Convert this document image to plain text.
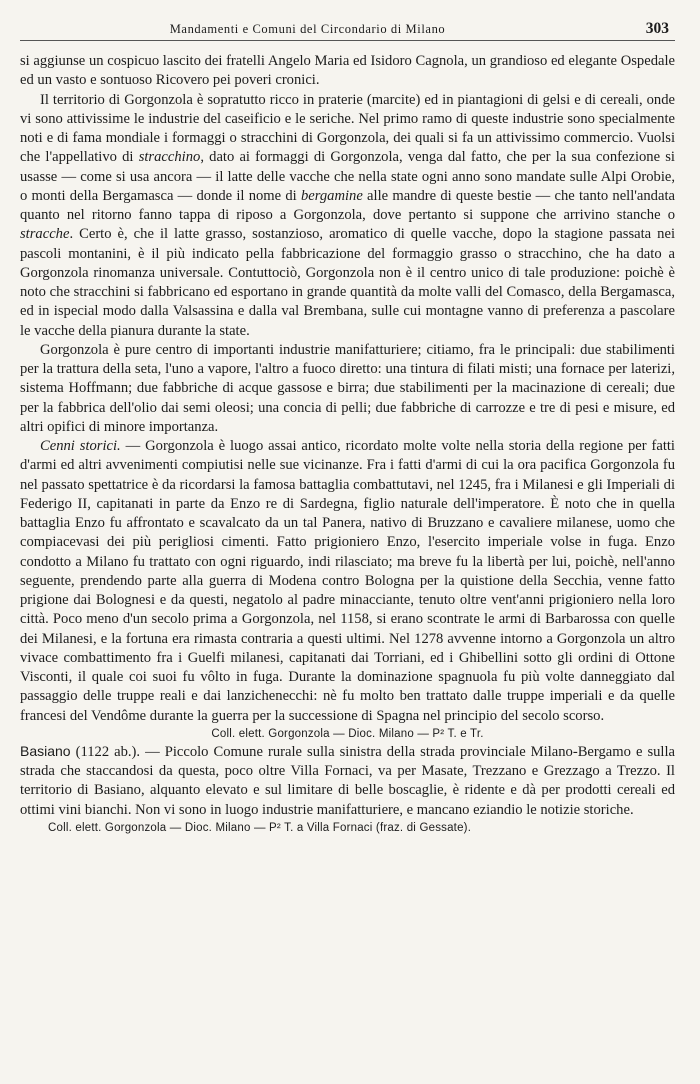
Mandamenti e Comuni del Circondario di Milano	303

si aggiunse un cospicuo lascito dei fratelli Angelo Maria ed Isidoro Cagnola, un grandioso ed elegante Ospedale ed un vasto e sontuoso Ricovero pei poveri cronici.

Il territorio di Gorgonzola è sopratutto ricco in praterie (marcite) ed in piantagioni di gelsi e di cereali, onde vi sono attivissime le industrie del caseificio e le seriche. Nel primo ramo di queste industrie sono specialmente noti e di fama mondiale i formaggi o stracchini di Gorgonzola, dei quali si fa un attivissimo commercio. Vuolsi che l'appellativo di stracchino, dato ai formaggi di Gorgonzola, venga dal fatto, che per la sua confezione si usasse — come si usa ancora — il latte delle vacche che nella state ogni anno sono mandate sulle Alpi Orobie, o monti della Bergamasca — donde il nome di bergamine alle mandre di queste bestie — che tanto nell'andata quanto nel ritorno fanno tappa di riposo a Gorgonzola, dove pertanto si suppone che arrivino stanche o stracche. Certo è, che il latte grasso, sostanzioso, aromatico di quelle vacche, dopo la stagione passata nei pascoli montanini, è il più indicato pella fabbricazione del formaggio grasso o stracchino, che ha dato a Gorgonzola rinomanza universale. Contuttociò, Gorgonzola non è il centro unico di tale produzione: poichè è noto che stracchini si fabbricano ed esportano in grande quantità da molte valli del Comasco, della Bergamasca, ed in ispecial modo dalla Valsassina e dalla val Brembana, sulle cui montagne vanno di preferenza a pascolare le vacche della pianura durante la state.

Gorgonzola è pure centro di importanti industrie manifatturiere; citiamo, fra le principali: due stabilimenti per la trattura della seta, l'uno a vapore, l'altro a fuoco diretto: una tintura di filati misti; una fornace per laterizi, sistema Hoffmann; due fabbriche di acque gassose e birra; due stabilimenti per la macinazione di cereali; due per la fabbrica dell'olio dai semi oleosi; una concia di pelli; due fabbriche di carrozze e tre di pesi e misure, ed altri opifici di minore importanza.

Cenni storici. — Gorgonzola è luogo assai antico, ricordato molte volte nella storia della regione per fatti d'armi ed altri avvenimenti compiutisi nelle sue vicinanze. Fra i fatti d'armi di cui la ora pacifica Gorgonzola fu nel passato spettatrice è da ricordarsi la famosa battaglia combattutavi, nel 1245, fra i Milanesi e gli Imperiali di Federigo II, capitanati in parte da Enzo re di Sardegna, figlio naturale dell'imperatore. È noto che in quella battaglia Enzo fu affrontato e scavalcato da un tal Panera, nativo di Bruzzano e cavaliere milanese, uomo che compiacevasi dei più perigliosi cimenti. Fatto prigioniero Enzo, l'esercito imperiale volse in fuga. Enzo condotto a Milano fu trattato con ogni riguardo, indi rilasciato; ma breve fu la libertà per lui, poichè, nell'anno seguente, prendendo parte alla guerra di Modena contro Bologna per la quistione della Secchia, venne fatto prigione dai Bolognesi e da questi, negatolo al padre minacciante, tenuto oltre vent'anni prigioniero nella loro città. Poco meno d'un secolo prima a Gorgonzola, nel 1158, si erano scontrate le armi di Barbarossa con quelle dei Milanesi, e la fortuna era rimasta contraria a questi ultimi. Nel 1278 avvenne intorno a Gorgonzola un altro vivace combattimento fra i Guelfi milanesi, capitanati dai Torriani, ed i Ghibellini sotto gli ordini di Ottone Visconti, il quale coi suoi fu vôlto in fuga. Durante la dominazione spagnuola fu più volte danneggiato dal passaggio delle truppe reali e dai lanzichenecchi: nè fu molto ben trattato dalle truppe imperiali e da quelle francesi del Vendôme durante la guerra per la successione di Spagna nel principio del secolo scorso.

Coll. elett. Gorgonzola — Dioc. Milano — P² T. e Tr.

Basiano (1122 ab.). — Piccolo Comune rurale sulla sinistra della strada provinciale Milano-Bergamo e sulla strada che staccandosi da questa, poco oltre Villa Fornaci, va per Masate, Trezzano e Grezzago a Trezzo. Il territorio di Basiano, alquanto elevato e sul limitare di belle boscaglie, è ridente e dà per prodotti cereali ed ottimi vini bianchi. Non vi sono in luogo industrie manifatturiere, e mancano eziandio le notizie storiche.

Coll. elett. Gorgonzola — Dioc. Milano — P² T. a Villa Fornaci (fraz. di Gessate).
